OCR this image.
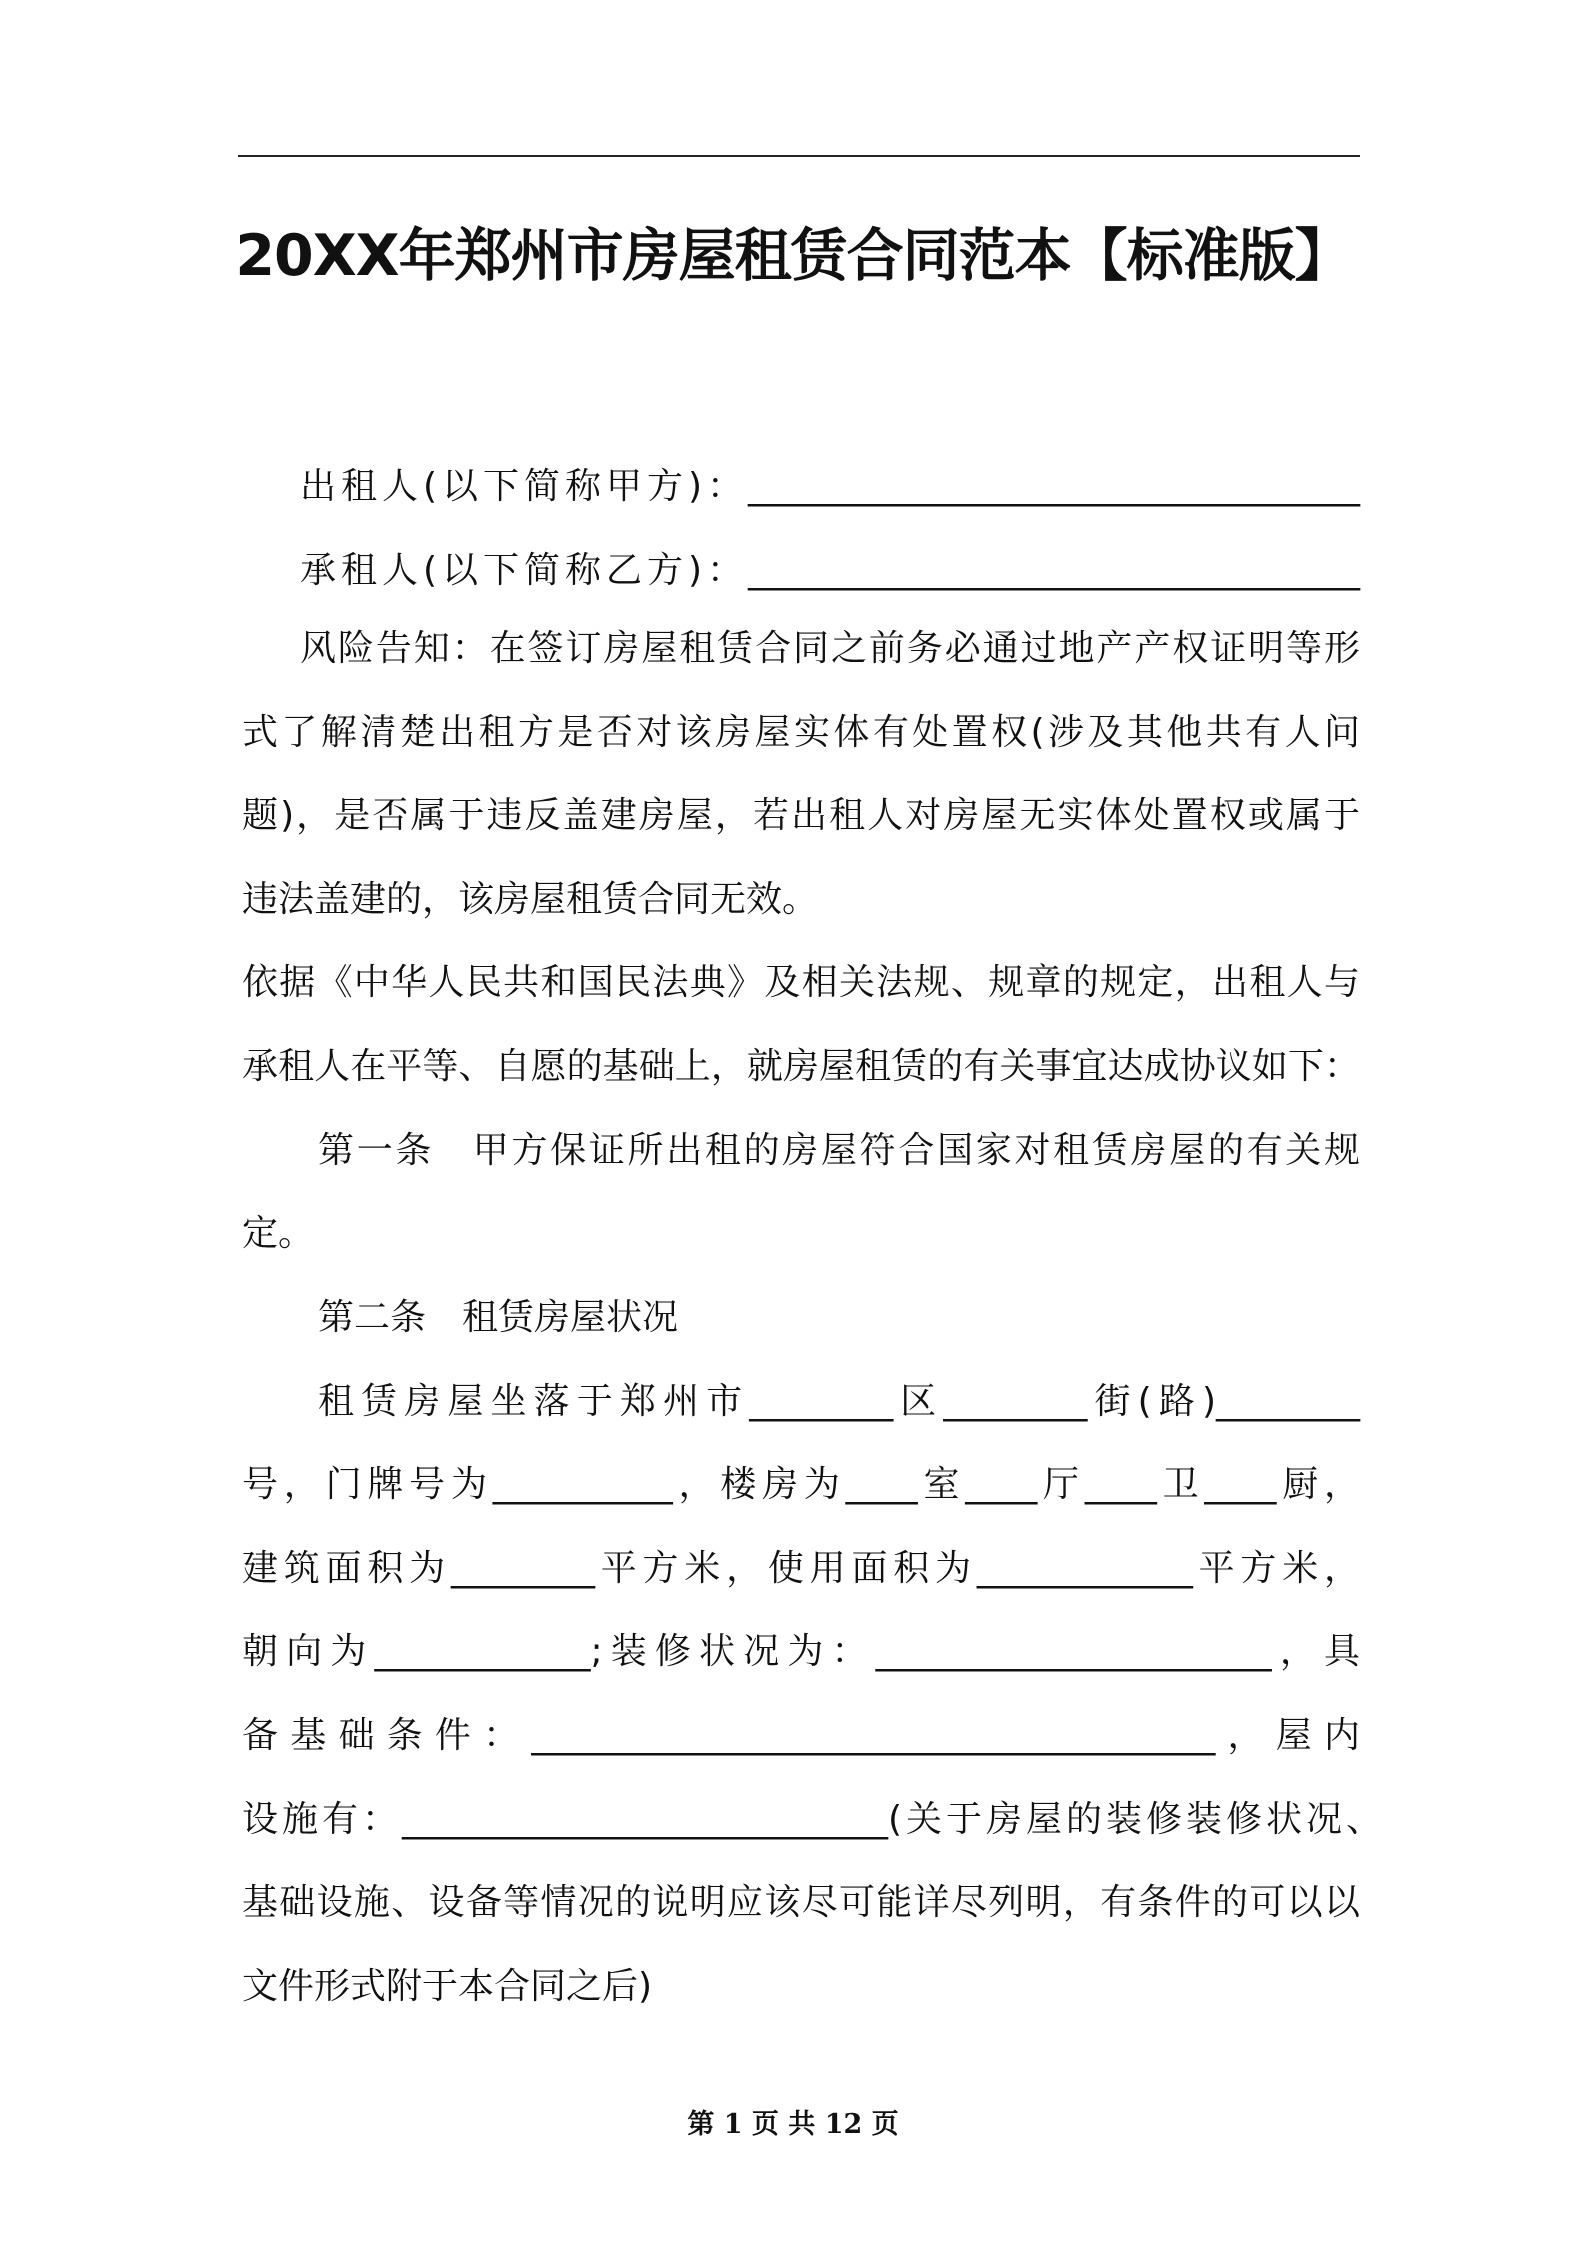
20XX年郑州市房屋租赁合同范本【标准版】
出租人(以下简称甲方)：__________________________________
承租人(以下简称乙方)：__________________________________
风险告知：在签订房屋租赁合同之前务必通过地产产权证明等形
式了解清楚出租方是否对该房屋实体有处置权(涉及其他共有人问
题)，是否属于违反盖建房屋，若出租人对房屋无实体处置权或属于
违法盖建的，该房屋租赁合同无效。
依据《中华人民共和国民法典》及相关法规、规章的规定，出租人与
承租人在平等、自愿的基础上，就房屋租赁的有关事宜达成协议如下：
第一条　甲方保证所出租的房屋符合国家对租赁房屋的有关规
定。
第二条　租赁房屋状况
租赁房屋坐落于郑州市________区________街(路)________
号，门牌号为__________，楼房为____室____厅____卫____厨，
建筑面积为________平方米，使用面积为____________平方米，
朝向为____________;装修状况为：______________________，具
备基础条件：______________________________________，屋内
设施有：___________________________(关于房屋的装修装修状况、
基础设施、设备等情况的说明应该尽可能详尽列明，有条件的可以以
文件形式附于本合同之后)
第 1 页 共 12 页
